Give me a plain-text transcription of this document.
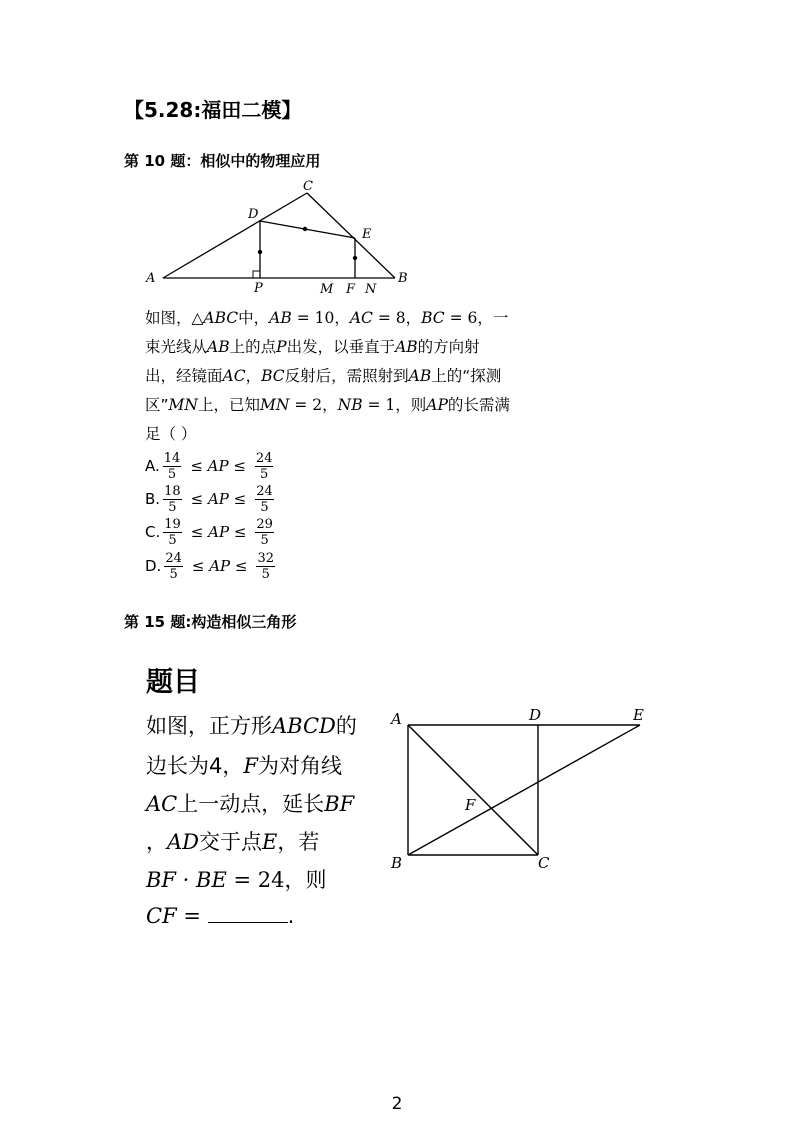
【5.28:福田二模】
第 10 题：相似中的物理应用
A	B
C
D
E
P	M F N
如图，△ABC中，AB = 10，AC = 8，BC = 6，一
束光线从AB上的点P出发，以垂直于AB的方向射
出，经镜面AC，BC反射后，需照射到AB上的“探测
区”MN上，已知MN = 2，NB = 1，则AP的长需满
足（ ）
A. $\frac{14}{5}$ ≤ AP ≤ $\frac{24}{5}$
B. $\frac{18}{5}$ ≤ AP ≤ $\frac{24}{5}$
C. $\frac{19}{5}$ ≤ AP ≤ $\frac{29}{5}$
D. $\frac{24}{5}$ ≤ AP ≤ $\frac{32}{5}$
第 15 题:构造相似三角形
题目
如图，正方形ABCD的
边长为4，F为对角线
AC上一动点，延长BF
，AD交于点E，若
BF · BE = 24，则
CF =	.
A	D	E
B	C
F
2
